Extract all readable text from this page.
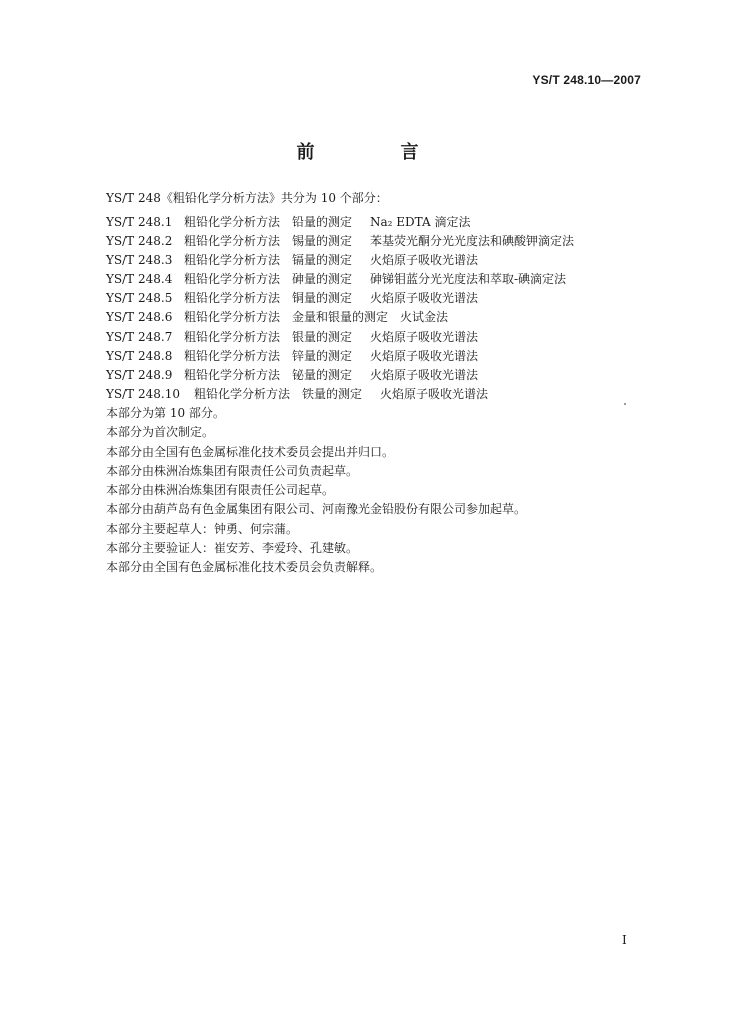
YS/T 248.10—2007
前　言
YS/T 248《粗铅化学分析方法》共分为 10 个部分：
YS/T 248.1 粗铅化学分析方法 铅量的测定 Na₂ EDTA 滴定法
YS/T 248.2 粗铅化学分析方法 锡量的测定 苯基荧光酮分光光度法和碘酸钾滴定法
YS/T 248.3 粗铅化学分析方法 镉量的测定 火焰原子吸收光谱法
YS/T 248.4 粗铅化学分析方法 砷量的测定 砷锑钼蓝分光光度法和萃取-碘滴定法
YS/T 248.5 粗铅化学分析方法 铜量的测定 火焰原子吸收光谱法
YS/T 248.6 粗铅化学分析方法 金量和银量的测定 火试金法
YS/T 248.7 粗铅化学分析方法 银量的测定 火焰原子吸收光谱法
YS/T 248.8 粗铅化学分析方法 锌量的测定 火焰原子吸收光谱法
YS/T 248.9 粗铅化学分析方法 铋量的测定 火焰原子吸收光谱法
YS/T 248.10 粗铅化学分析方法 铁量的测定 火焰原子吸收光谱法
本部分为第 10 部分。
本部分为首次制定。
本部分由全国有色金属标准化技术委员会提出并归口。
本部分由株洲冶炼集团有限责任公司负责起草。
本部分由株洲冶炼集团有限责任公司起草。
本部分由葫芦岛有色金属集团有限公司、河南豫光金铅股份有限公司参加起草。
本部分主要起草人：钟勇、何宗蒲。
本部分主要验证人：崔安芳、李爱玲、孔建敏。
本部分由全国有色金属标准化技术委员会负责解释。
I
